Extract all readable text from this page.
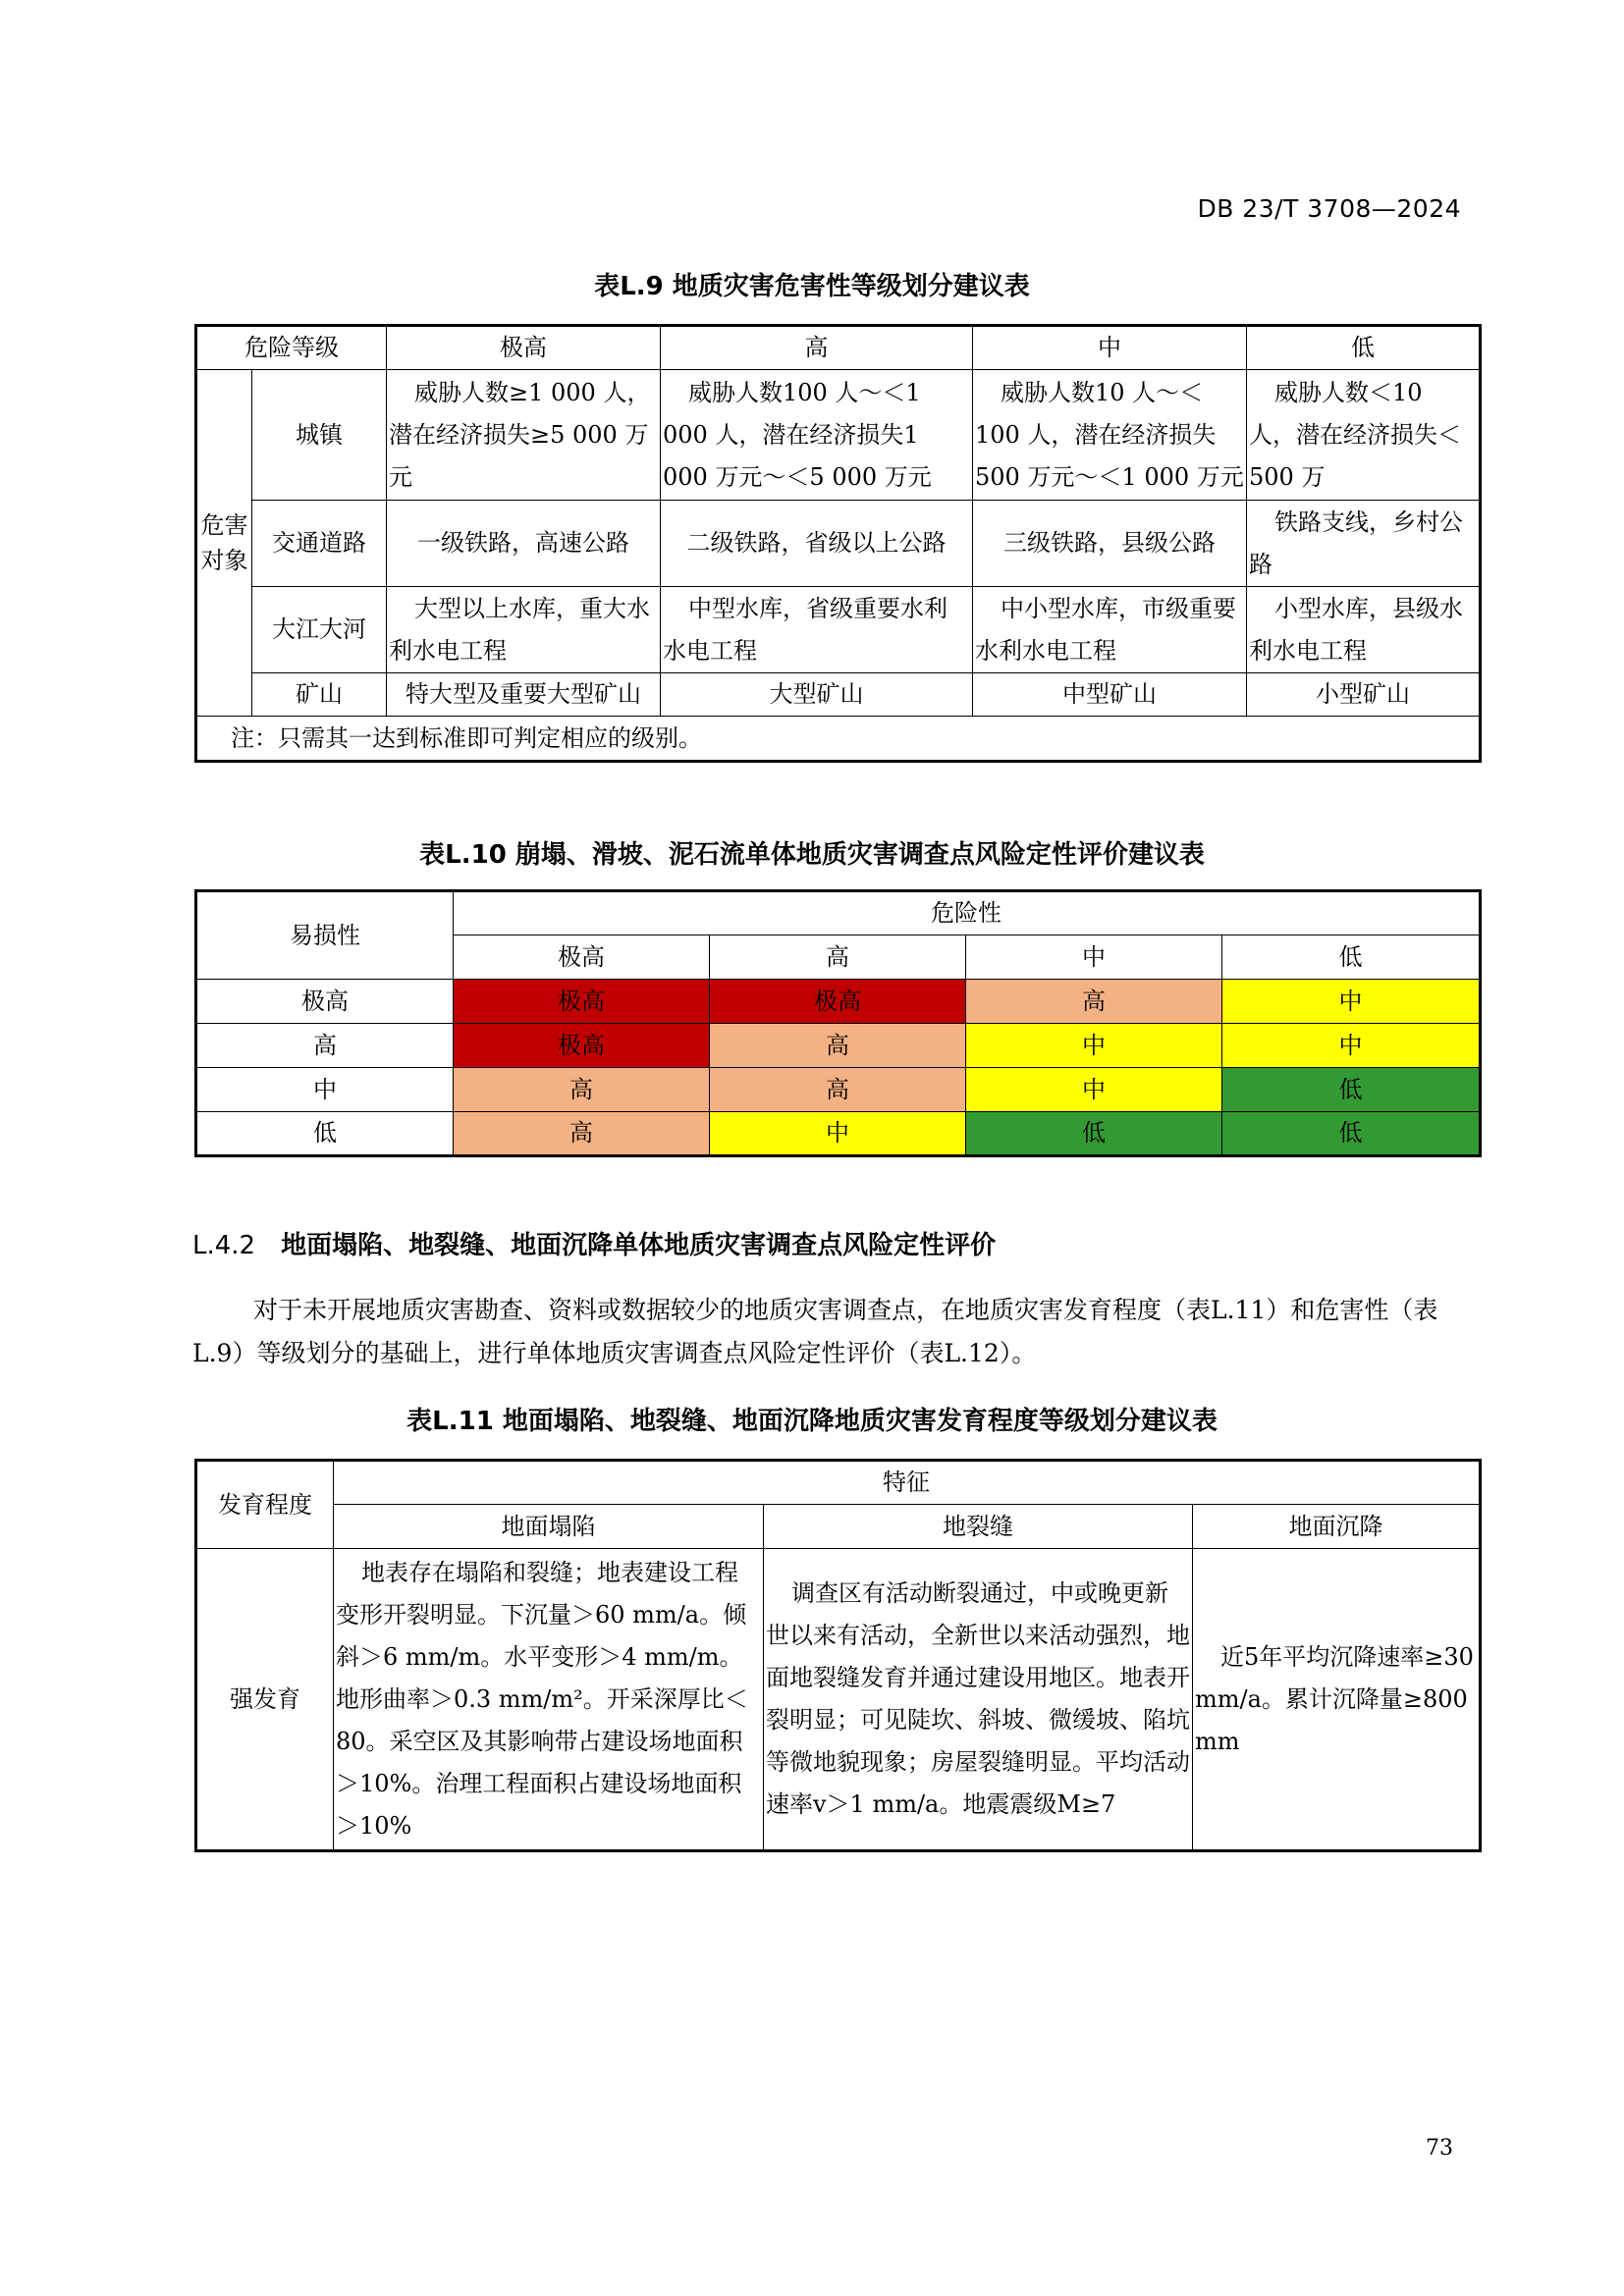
DB 23/T 3708—2024
表L.9 地质灾害危害性等级划分建议表
危险等级		极高	高	中	低
危害对象	城镇	威胁人数≥1 000 人，潜在经济损失≥5 000 万元	威胁人数100 人～＜1 000 人，潜在经济损失1 000 万元～＜5 000 万元	威胁人数10 人～＜100 人，潜在经济损失500 万元～＜1 000 万元	威胁人数＜10 人，潜在经济损失＜500 万
	交通道路	一级铁路，高速公路	二级铁路，省级以上公路	三级铁路，县级公路	铁路支线，乡村公路
	大江大河	大型以上水库，重大水利水电工程	中型水库，省级重要水利水电工程	中小型水库，市级重要水利水电工程	小型水库，县级水利水电工程
	矿山	特大型及重要大型矿山	大型矿山	中型矿山	小型矿山
注：只需其一达到标准即可判定相应的级别。					
表L.10 崩塌、滑坡、泥石流单体地质灾害调查点风险定性评价建议表
易损性	危险性			
	极高	高	中	低
极高	极高	极高	高	中
高	极高	高	中	中
中	高	高	中	低
低	高	中	低	低
L.4.2 地面塌陷、地裂缝、地面沉降单体地质灾害调查点风险定性评价
对于未开展地质灾害勘查、资料或数据较少的地质灾害调查点，在地质灾害发育程度（表L.11）和危害性（表L.9）等级划分的基础上，进行单体地质灾害调查点风险定性评价（表L.12）。
表L.11 地面塌陷、地裂缝、地面沉降地质灾害发育程度等级划分建议表
发育程度	特征		
	地面塌陷	地裂缝	地面沉降
强发育	地表存在塌陷和裂缝；地表建设工程变形开裂明显。下沉量＞60 mm/a。倾斜＞6 mm/m。水平变形＞4 mm/m。地形曲率＞0.3 mm/m²。开采深厚比＜80。采空区及其影响带占建设场地面积＞10%。治理工程面积占建设场地面积＞10%	调查区有活动断裂通过，中或晚更新世以来有活动，全新世以来活动强烈，地面地裂缝发育并通过建设用地区。地表开裂明显；可见陡坎、斜坡、微缓坡、陷坑等微地貌现象；房屋裂缝明显。平均活动速率v＞1 mm/a。地震震级M≥7	近5年平均沉降速率≥30 mm/a。累计沉降量≥800 mm
73
